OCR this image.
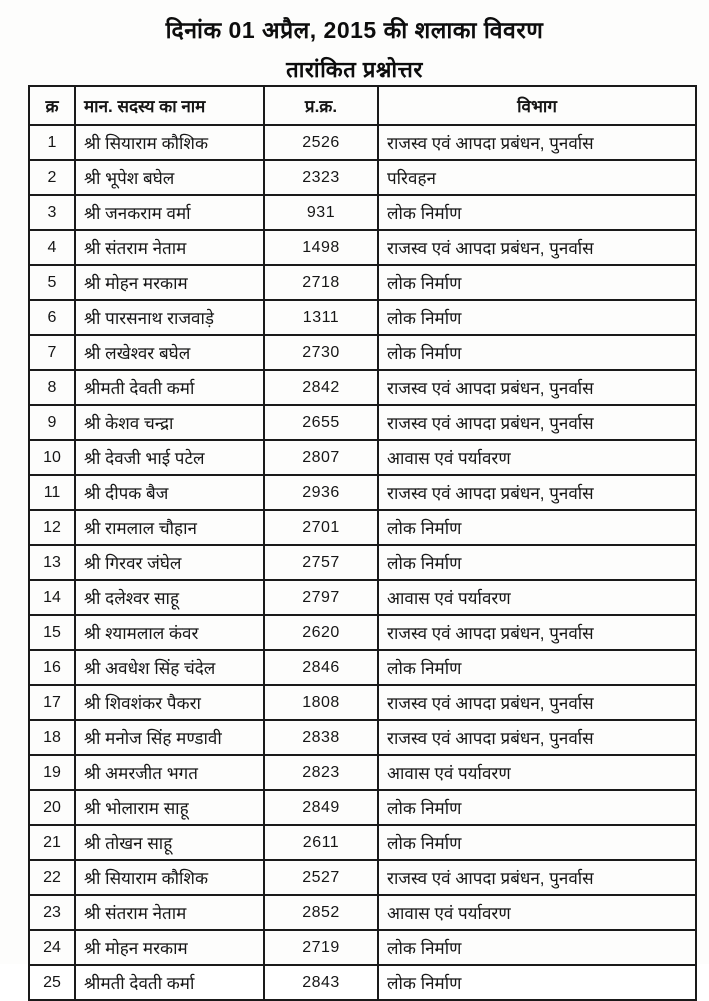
दिनांक 01 अप्रैल, 2015 की शलाका विवरण
तारांकित प्रश्नोत्तर
क्र	मान. सदस्य का नाम	प्र.क्र.	विभाग
1	श्री सियाराम कौशिक	2526	राजस्व एवं आपदा प्रबंधन, पुनर्वास
2	श्री भूपेश बघेल	2323	परिवहन
3	श्री जनकराम वर्मा	931	लोक निर्माण
4	श्री संतराम नेताम	1498	राजस्व एवं आपदा प्रबंधन, पुनर्वास
5	श्री मोहन मरकाम	2718	लोक निर्माण
6	श्री पारसनाथ राजवाड़े	1311	लोक निर्माण
7	श्री लखेश्वर बघेल	2730	लोक निर्माण
8	श्रीमती देवती कर्मा	2842	राजस्व एवं आपदा प्रबंधन, पुनर्वास
9	श्री केशव चन्द्रा	2655	राजस्व एवं आपदा प्रबंधन, पुनर्वास
10	श्री देवजी भाई पटेल	2807	आवास एवं पर्यावरण
11	श्री दीपक बैज	2936	राजस्व एवं आपदा प्रबंधन, पुनर्वास
12	श्री रामलाल चौहान	2701	लोक निर्माण
13	श्री गिरवर जंघेल	2757	लोक निर्माण
14	श्री दलेश्वर साहू	2797	आवास एवं पर्यावरण
15	श्री श्यामलाल कंवर	2620	राजस्व एवं आपदा प्रबंधन, पुनर्वास
16	श्री अवधेश सिंह चंदेल	2846	लोक निर्माण
17	श्री शिवशंकर पैकरा	1808	राजस्व एवं आपदा प्रबंधन, पुनर्वास
18	श्री मनोज सिंह मण्डावी	2838	राजस्व एवं आपदा प्रबंधन, पुनर्वास
19	श्री अमरजीत भगत	2823	आवास एवं पर्यावरण
20	श्री भोलाराम साहू	2849	लोक निर्माण
21	श्री तोखन साहू	2611	लोक निर्माण
22	श्री सियाराम कौशिक	2527	राजस्व एवं आपदा प्रबंधन, पुनर्वास
23	श्री संतराम नेताम	2852	आवास एवं पर्यावरण
24	श्री मोहन मरकाम	2719	लोक निर्माण
25	श्रीमती देवती कर्मा	2843	लोक निर्माण
